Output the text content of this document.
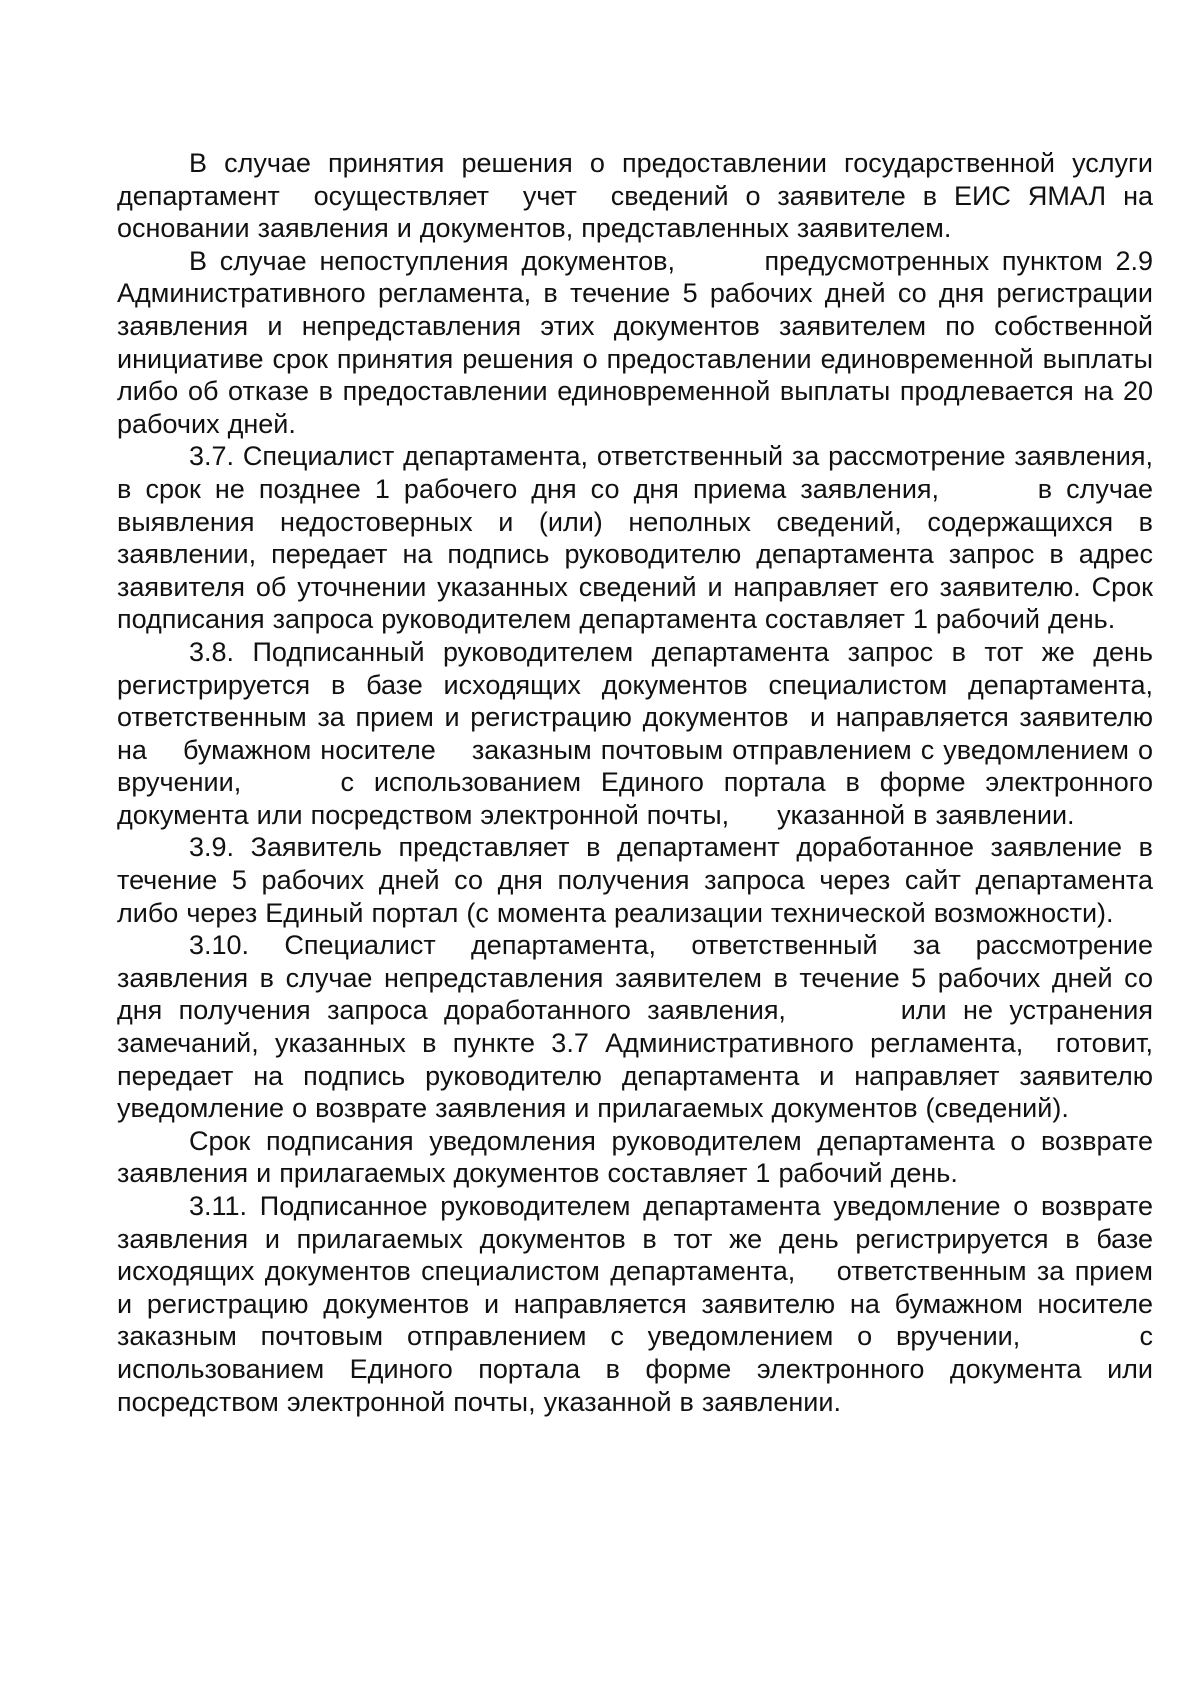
В случае принятия решения о предоставлении государственной услуги департамент  осуществляет  учет  сведений о заявителе в ЕИС ЯМАЛ на основании заявления и документов, представленных заявителем.

В случае непоступления документов,       предусмотренных пунктом 2.9 Административного регламента, в течение 5 рабочих дней со дня регистрации заявления и непредставления этих документов заявителем по собственной инициативе срок принятия решения о предоставлении единовременной выплаты либо об отказе в предоставлении единовременной выплаты продлевается на 20 рабочих дней.

3.7. Специалист департамента, ответственный за рассмотрение заявления, в срок не позднее 1 рабочего дня со дня приема заявления,       в случае выявления недостоверных и (или) неполных сведений, содержащихся в заявлении, передает на подпись руководителю департамента запрос в адрес заявителя об уточнении указанных сведений и направляет его заявителю. Срок подписания запроса руководителем департамента составляет 1 рабочий день.

3.8. Подписанный руководителем департамента запрос в тот же день регистрируется в базе исходящих документов специалистом департамента, ответственным за прием и регистрацию документов  и направляется заявителю на    бумажном носителе    заказным почтовым отправлением с уведомлением о вручении,     с использованием Единого портала в форме электронного документа или посредством электронной почты,      указанной в заявлении.

3.9. Заявитель представляет в департамент доработанное заявление в течение 5 рабочих дней со дня получения запроса через сайт департамента либо через Единый портал (с момента реализации технической возможности).

3.10. Специалист департамента, ответственный за рассмотрение заявления в случае непредставления заявителем в течение 5 рабочих дней со дня получения запроса доработанного заявления,       или не устранения замечаний, указанных в пункте 3.7 Административного регламента,  готовит, передает на подпись руководителю департамента и направляет заявителю уведомление о возврате заявления и прилагаемых документов (сведений).

Срок подписания уведомления руководителем департамента о возврате заявления и прилагаемых документов составляет 1 рабочий день.

3.11. Подписанное руководителем департамента уведомление о возврате заявления и прилагаемых документов в тот же день регистрируется в базе исходящих документов специалистом департамента,    ответственным за прием и регистрацию документов и направляется заявителю на бумажном носителе заказным почтовым отправлением с уведомлением о вручении,     с использованием Единого портала в форме электронного документа или посредством электронной почты, указанной в заявлении.
